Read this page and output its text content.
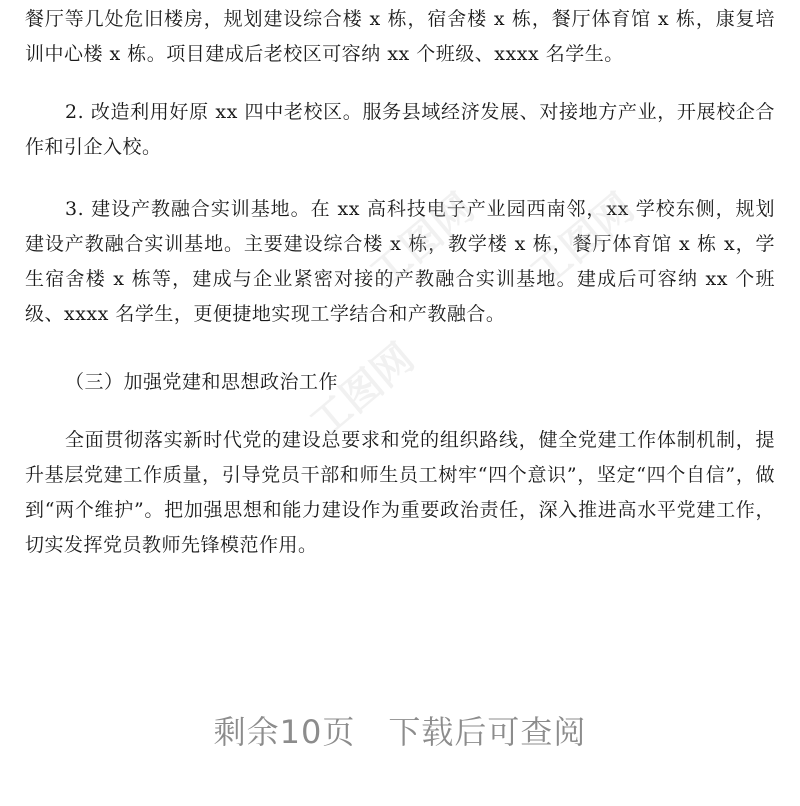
餐厅等几处危旧楼房，规划建设综合楼 x 栋，宿舍楼 x 栋，餐厅体育馆 x 栋，康复培训中心楼 x 栋。项目建成后老校区可容纳 xx 个班级、xxxx 名学生。

2. 改造利用好原 xx 四中老校区。服务县域经济发展、对接地方产业，开展校企合作和引企入校。

3. 建设产教融合实训基地。在 xx 高科技电子产业园西南邻，xx 学校东侧，规划建设产教融合实训基地。主要建设综合楼 x 栋，教学楼 x 栋，餐厅体育馆 x 栋 x，学生宿舍楼 x 栋等，建成与企业紧密对接的产教融合实训基地。建成后可容纳 xx 个班级、xxxx 名学生，更便捷地实现工学结合和产教融合。

（三）加强党建和思想政治工作

全面贯彻落实新时代党的建设总要求和党的组织路线，健全党建工作体制机制，提升基层党建工作质量，引导党员干部和师生员工树牢“四个意识”，坚定“四个自信”，做到“两个维护”。把加强思想和能力建设作为重要政治责任，深入推进高水平党建工作，切实发挥党员教师先锋模范作用。

工图网 工图网
工图网
剩余10页　下载后可查阅
